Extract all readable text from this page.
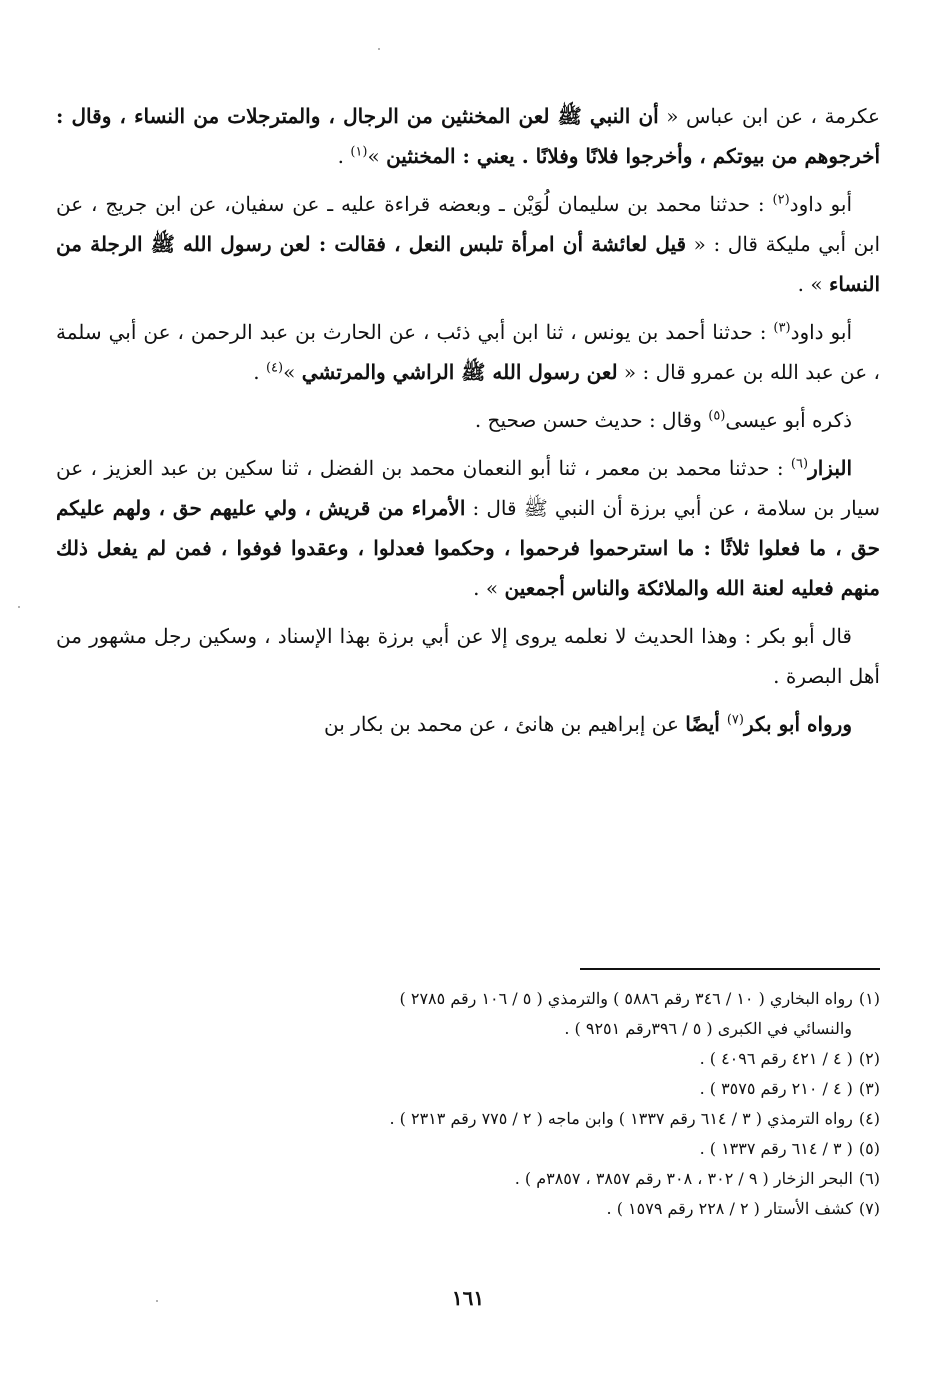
عكرمة ، عن ابن عباس « أن النبي ﷺ لعن المخنثين من الرجال ، والمترجلات من النساء ، وقال : أخرجوهم من بيوتكم ، وأخرجوا فلانًا وفلانًا . يعني : المخنثين »$^{(١)}$ .

أبو داود$^{(٢)}$ : حدثنا محمد بن سليمان لُوَيْن ـ وبعضه قراءة عليه ـ عن سفيان، عن ابن جريج ، عن ابن أبي مليكة قال : « قيل لعائشة أن امرأة تلبس النعل ، فقالت : لعن رسول الله ﷺ الرجلة من النساء » .

أبو داود$^{(٣)}$ : حدثنا أحمد بن يونس ، ثنا ابن أبي ذئب ، عن الحارث بن عبد الرحمن ، عن أبي سلمة ، عن عبد الله بن عمرو قال : « لعن رسول الله ﷺ الراشي والمرتشي »$^{(٤)}$ .

ذكره أبو عيسى$^{(٥)}$ وقال : حديث حسن صحيح .

البزار$^{(٦)}$ : حدثنا محمد بن معمر ، ثنا أبو النعمان محمد بن الفضل ، ثنا سكين بن عبد العزيز ، عن سيار بن سلامة ، عن أبي برزة أن النبي ﷺ قال : الأمراء من قريش ، ولي عليهم حق ، ولهم عليكم حق ، ما فعلوا ثلاثًا : ما استرحموا فرحموا ، وحكموا فعدلوا ، وعقدوا فوفوا ، فمن لم يفعل ذلك منهم فعليه لعنة الله والملائكة والناس أجمعين » .

قال أبو بكر : وهذا الحديث لا نعلمه يروى إلا عن أبي برزة بهذا الإسناد ، وسكين رجل مشهور من أهل البصرة .

ورواه أبو بكر$^{(٧)}$ أيضًا عن إبراهيم بن هانئ ، عن محمد بن بكار بن

(١)رواه البخاري ( ١٠ / ٣٤٦ رقم ٥٨٨٦ ) والترمذي ( ٥ / ١٠٦ رقم ٢٧٨٥ )

والنسائي في الكبرى ( ٥ / ٣٩٦رقم ٩٢٥١ ) .

(٢)( ٤ / ٤٢١ رقم ٤٠٩٦ ) .

(٣)( ٤ / ٢١٠ رقم ٣٥٧٥ ) .

(٤)رواه الترمذي ( ٣ / ٦١٤ رقم ١٣٣٧ ) وابن ماجه ( ٢ / ٧٧٥ رقم ٢٣١٣ ) .

(٥)( ٣ / ٦١٤ رقم ١٣٣٧ ) .

(٦)البحر الزخار ( ٩ / ٣٠٢ ، ٣٠٨ رقم ٣٨٥٧ ، ٣٨٥٧م ) .

(٧)كشف الأستار ( ٢ / ٢٢٨ رقم ١٥٧٩ ) .

١٦١
